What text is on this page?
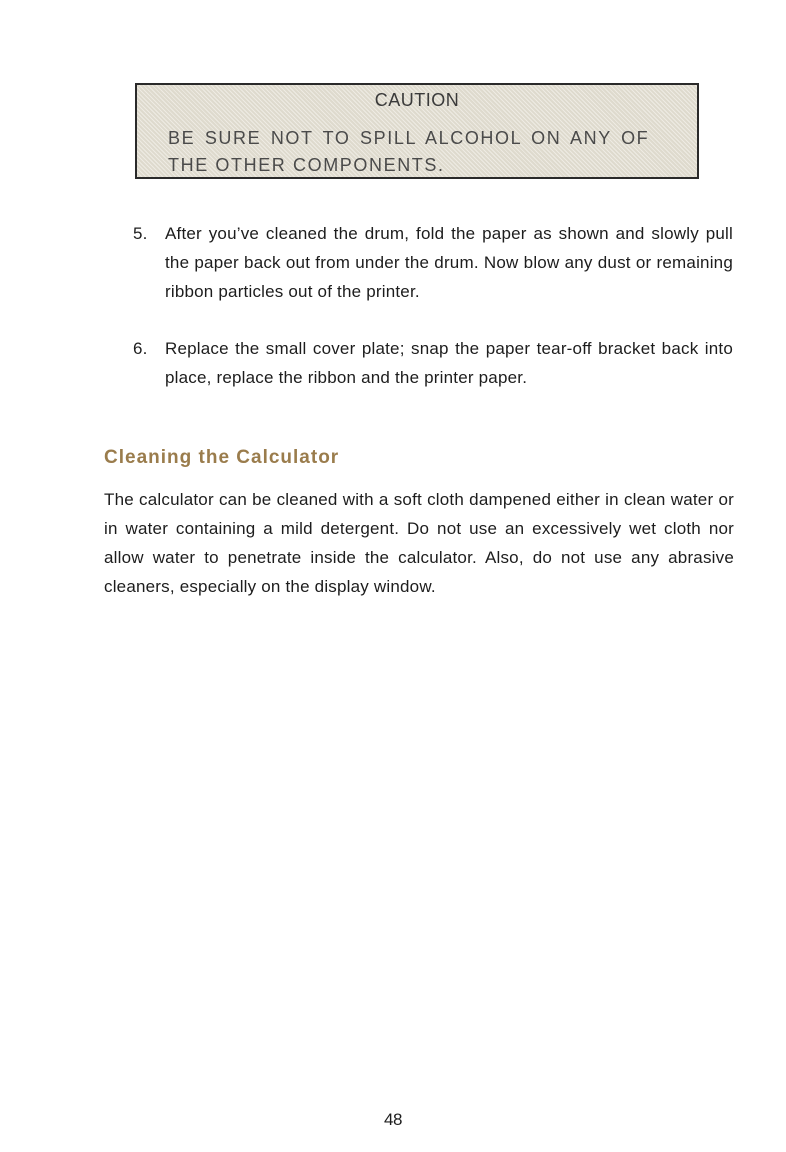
CAUTION
BE SURE NOT TO SPILL ALCOHOL ON ANY OF
THE OTHER COMPONENTS.
5. After you’ve cleaned the drum, fold the paper as shown and slowly pull the paper back out from under the drum. Now blow any dust or remaining ribbon particles out of the printer.
6. Replace the small cover plate; snap the paper tear-off bracket back into place, replace the ribbon and the printer paper.
Cleaning the Calculator
The calculator can be cleaned with a soft cloth dampened either in clean water or in water containing a mild detergent. Do not use an excessively wet cloth nor allow water to penetrate inside the calculator. Also, do not use any abrasive cleaners, especially on the display window.
48
